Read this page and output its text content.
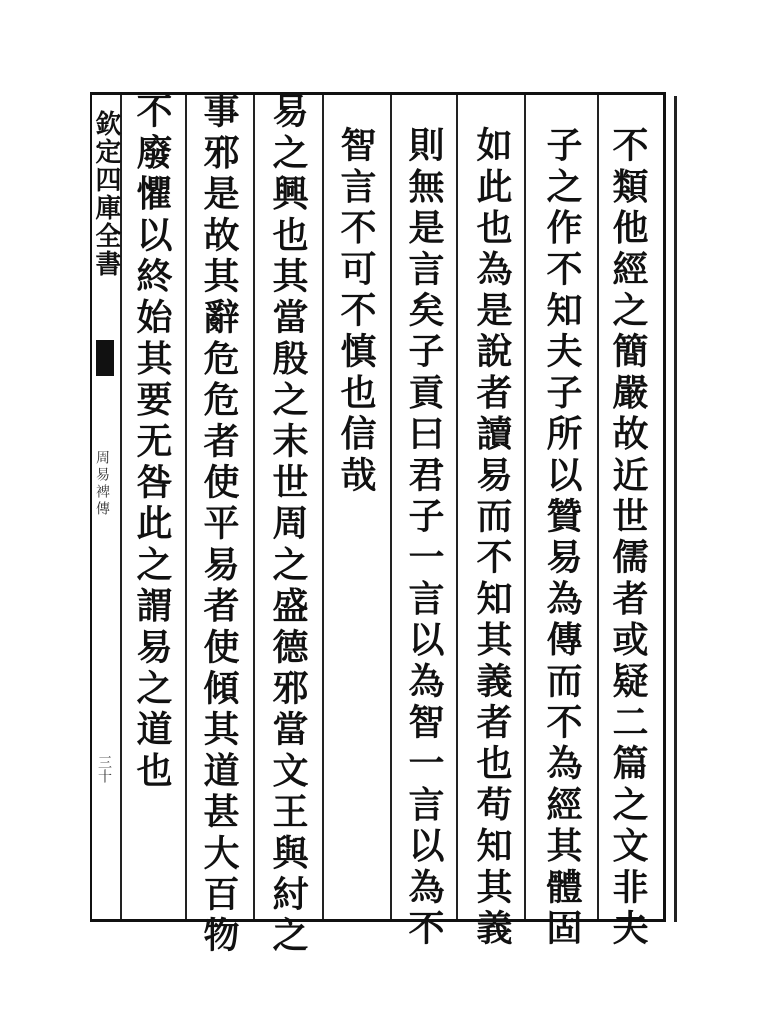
欽定四庫全書
周易裨傳
三十	不類他經之簡嚴故近世儒者或疑二篇之文非夫
子之作不知夫子所以贊易為傳而不為經其體固
如此也為是說者讀易而不知其義者也苟知其義
則無是言矣子貢曰君子一言以為智一言以為不
智言不可不慎也信哉
易之興也其當殷之末世周之盛德邪當文王與紂之
事邪是故其辭危危者使平易者使傾其道甚大百物
不廢懼以終始其要无咎此之謂易之道也
